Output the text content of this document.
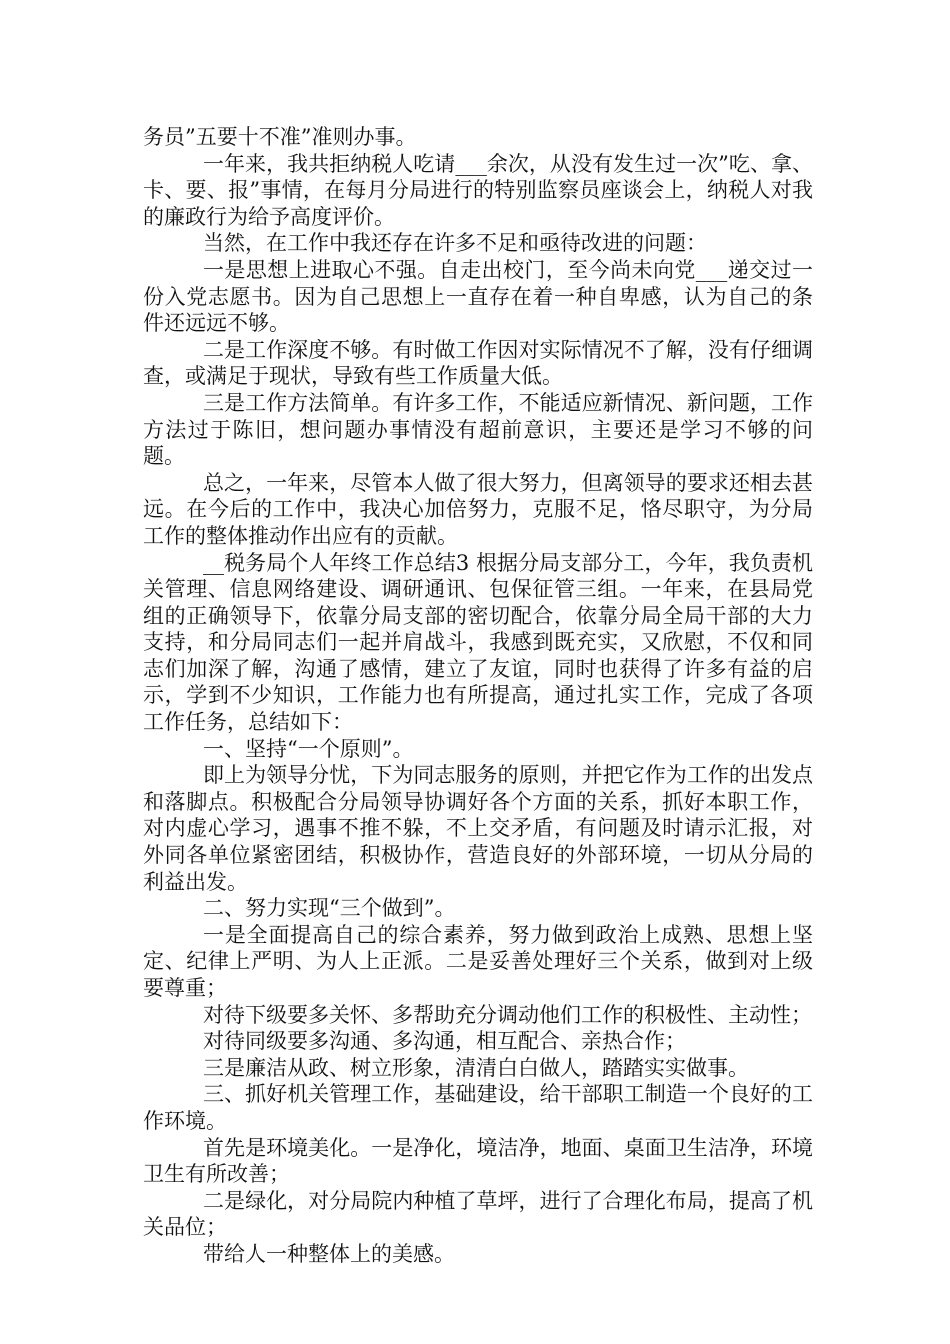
务员”五要十不准”准则办事。

一年来，我共拒纳税人吃请___余次，从没有发生过一次”吃、拿、卡、要、报”事情，在每月分局进行的特别监察员座谈会上，纳税人对我的廉政行为给予高度评价。

当然，在工作中我还存在许多不足和亟待改进的问题：

一是思想上进取心不强。自走出校门，至今尚未向党___递交过一份入党志愿书。因为自己思想上一直存在着一种自卑感，认为自己的条件还远远不够。

二是工作深度不够。有时做工作因对实际情况不了解，没有仔细调查，或满足于现状，导致有些工作质量大低。

三是工作方法简单。有许多工作，不能适应新情况、新问题，工作方法过于陈旧，想问题办事情没有超前意识，主要还是学习不够的问题。

总之，一年来，尽管本人做了很大努力，但离领导的要求还相去甚远。在今后的工作中，我决心加倍努力，克服不足，恪尽职守，为分局工作的整体推动作出应有的贡献。

__税务局个人年终工作总结3 根据分局支部分工，今年，我负责机关管理、信息网络建设、调研通讯、包保征管三组。一年来，在县局党组的正确领导下，依靠分局支部的密切配合，依靠分局全局干部的大力支持，和分局同志们一起并肩战斗，我感到既充实，又欣慰，不仅和同志们加深了解，沟通了感情，建立了友谊，同时也获得了许多有益的启示，学到不少知识，工作能力也有所提高，通过扎实工作，完成了各项工作任务，总结如下：

一、坚持“一个原则”。

即上为领导分忧，下为同志服务的原则，并把它作为工作的出发点和落脚点。积极配合分局领导协调好各个方面的关系，抓好本职工作，对内虚心学习，遇事不推不躲，不上交矛盾，有问题及时请示汇报，对外同各单位紧密团结，积极协作，营造良好的外部环境，一切从分局的利益出发。

二、努力实现“三个做到”。

一是全面提高自己的综合素养，努力做到政治上成熟、思想上坚定、纪律上严明、为人上正派。二是妥善处理好三个关系，做到对上级要尊重；

对待下级要多关怀、多帮助充分调动他们工作的积极性、主动性；

对待同级要多沟通、多沟通，相互配合、亲热合作；

三是廉洁从政、树立形象，清清白白做人，踏踏实实做事。

三、抓好机关管理工作，基础建设，给干部职工制造一个良好的工作环境。

首先是环境美化。一是净化，境洁净，地面、桌面卫生洁净，环境卫生有所改善；

二是绿化，对分局院内种植了草坪，进行了合理化布局，提高了机关品位；

带给人一种整体上的美感。
